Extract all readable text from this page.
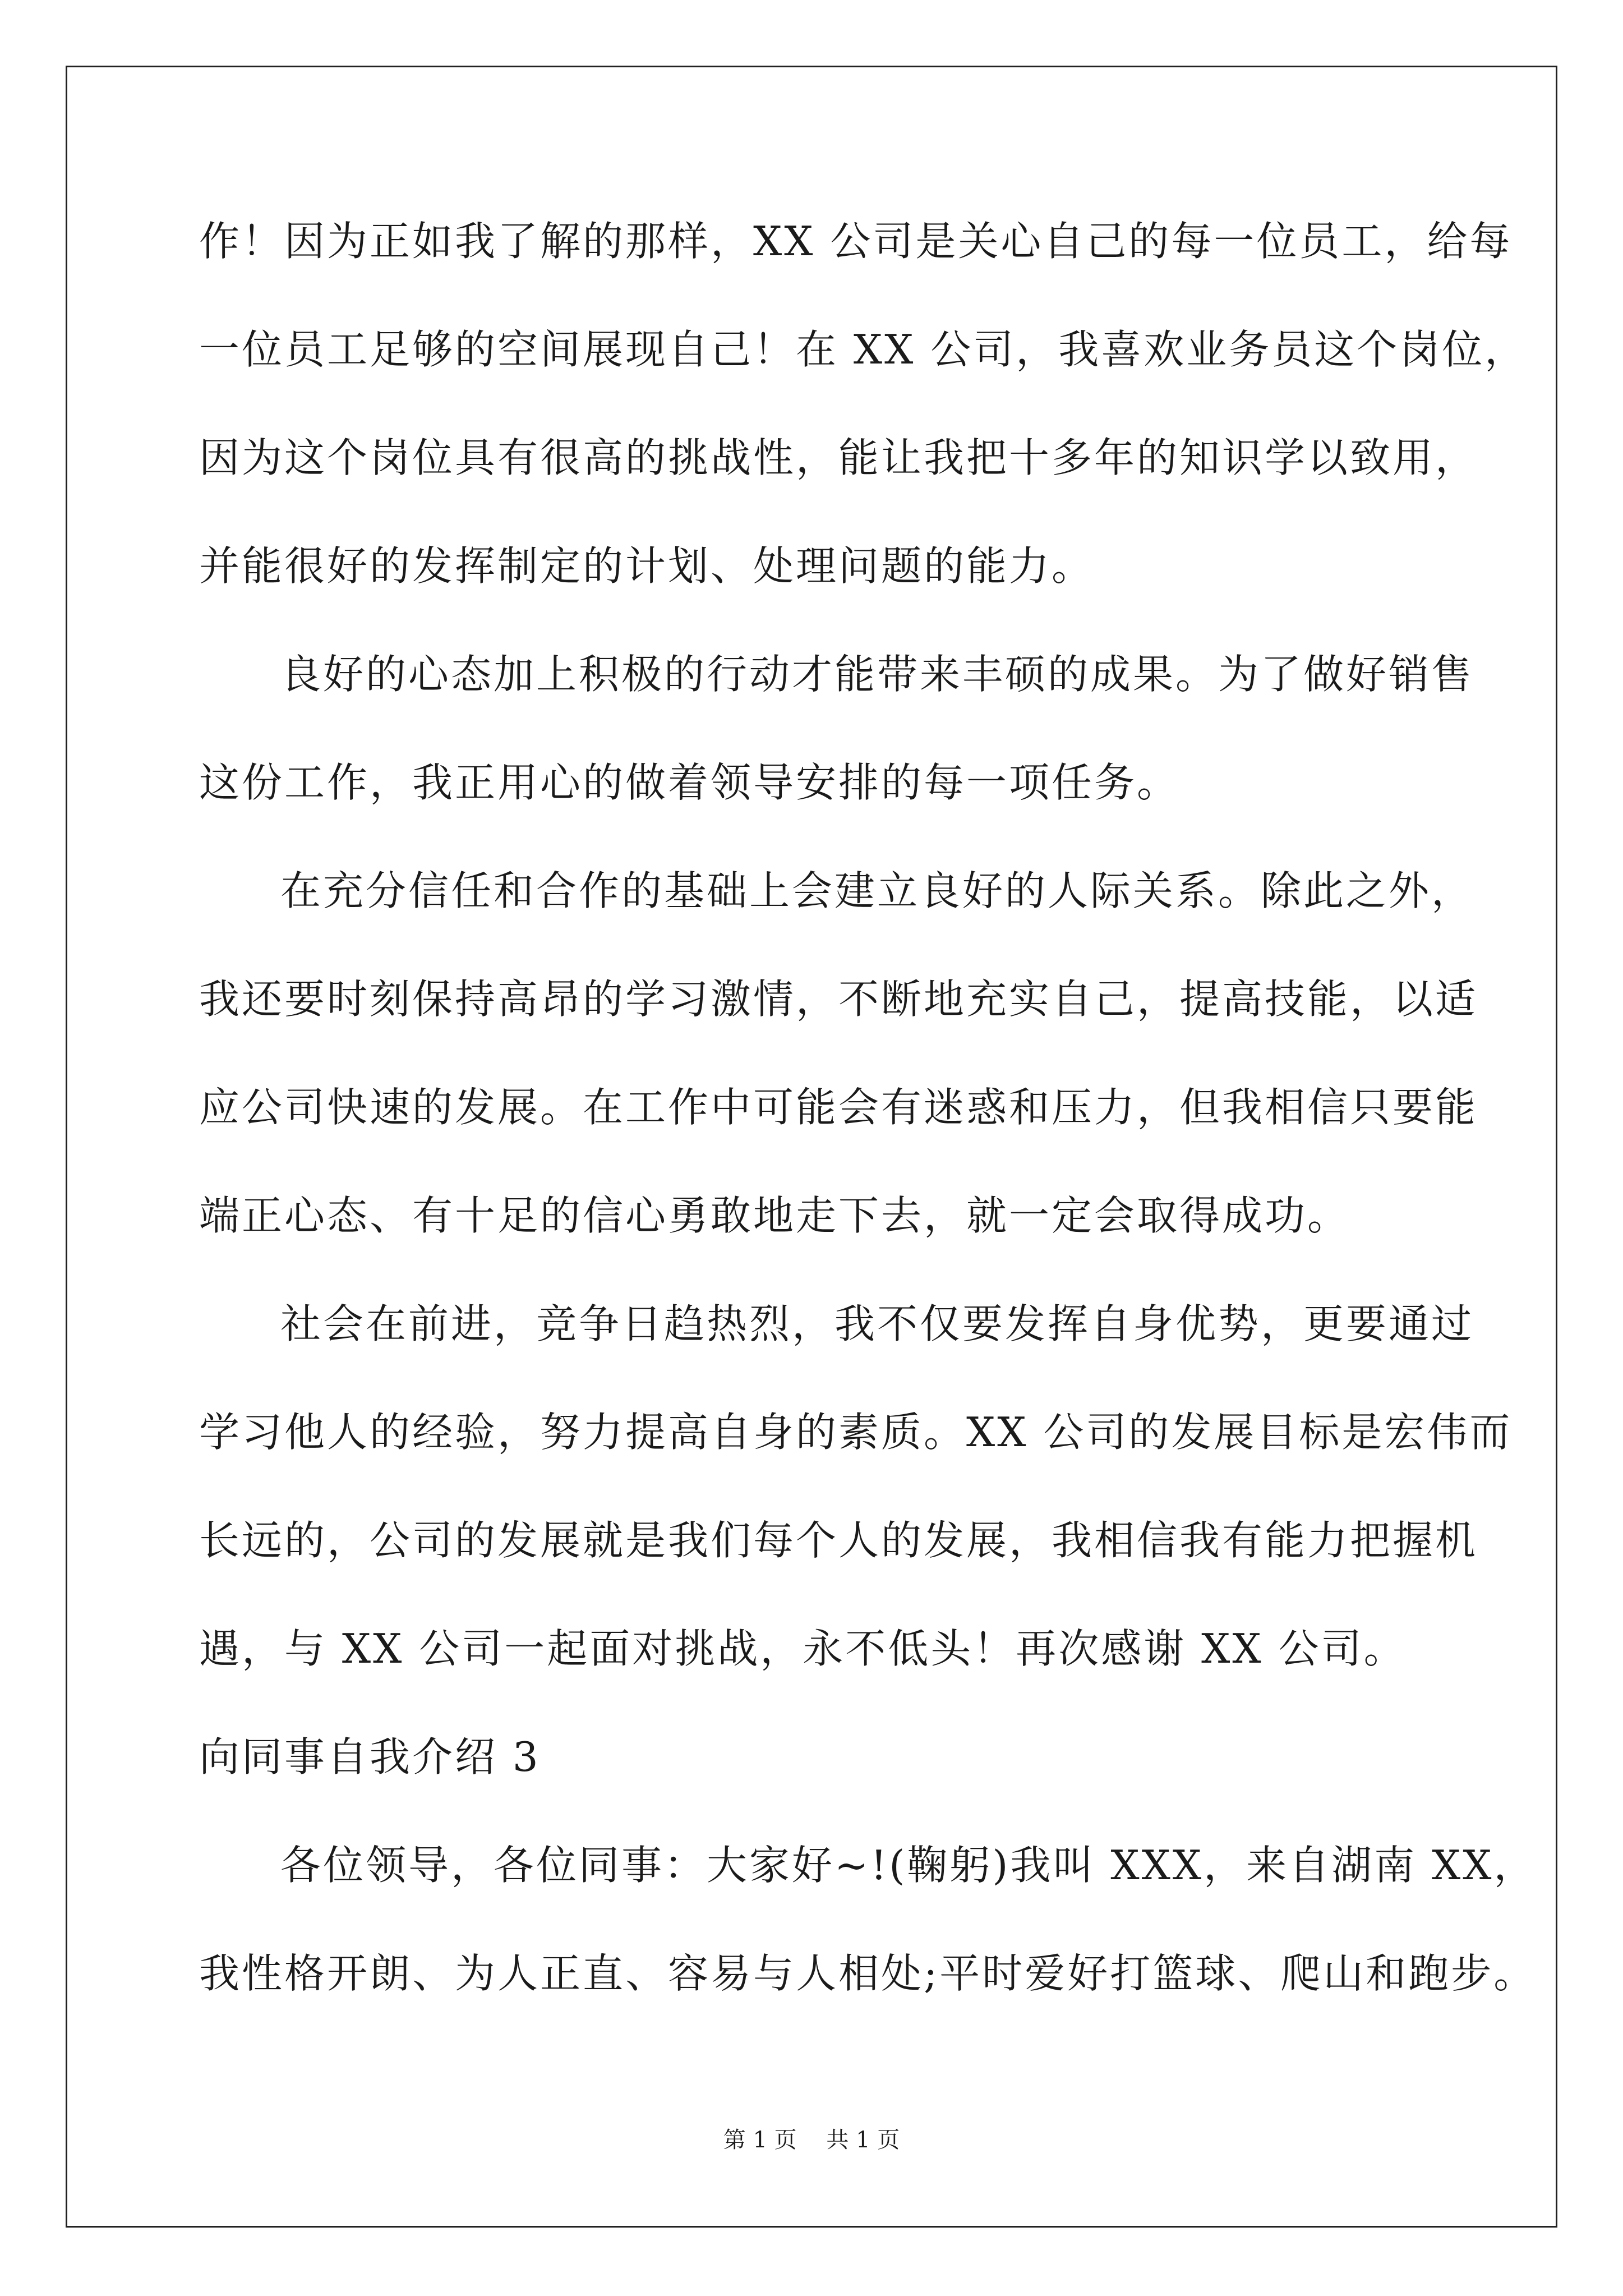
作！因为正如我了解的那样，XX 公司是关心自己的每一位员工，给每
一位员工足够的空间展现自己！在 XX 公司，我喜欢业务员这个岗位，
因为这个岗位具有很高的挑战性，能让我把十多年的知识学以致用，
并能很好的发挥制定的计划、处理问题的能力。
良好的心态加上积极的行动才能带来丰硕的成果。为了做好销售
这份工作，我正用心的做着领导安排的每一项任务。
在充分信任和合作的基础上会建立良好的人际关系。除此之外，
我还要时刻保持高昂的学习激情，不断地充实自己，提高技能，以适
应公司快速的发展。在工作中可能会有迷惑和压力，但我相信只要能
端正心态、有十足的信心勇敢地走下去，就一定会取得成功。
社会在前进，竞争日趋热烈，我不仅要发挥自身优势，更要通过
学习他人的经验，努力提高自身的素质。XX 公司的发展目标是宏伟而
长远的，公司的发展就是我们每个人的发展，我相信我有能力把握机
遇，与 XX 公司一起面对挑战，永不低头！再次感谢 XX 公司。
向同事自我介绍 3
各位领导，各位同事：大家好~!(鞠躬)我叫 XXX，来自湖南 XX，
我性格开朗、为人正直、容易与人相处;平时爱好打篮球、爬山和跑步。
第 1 页 共 1 页
